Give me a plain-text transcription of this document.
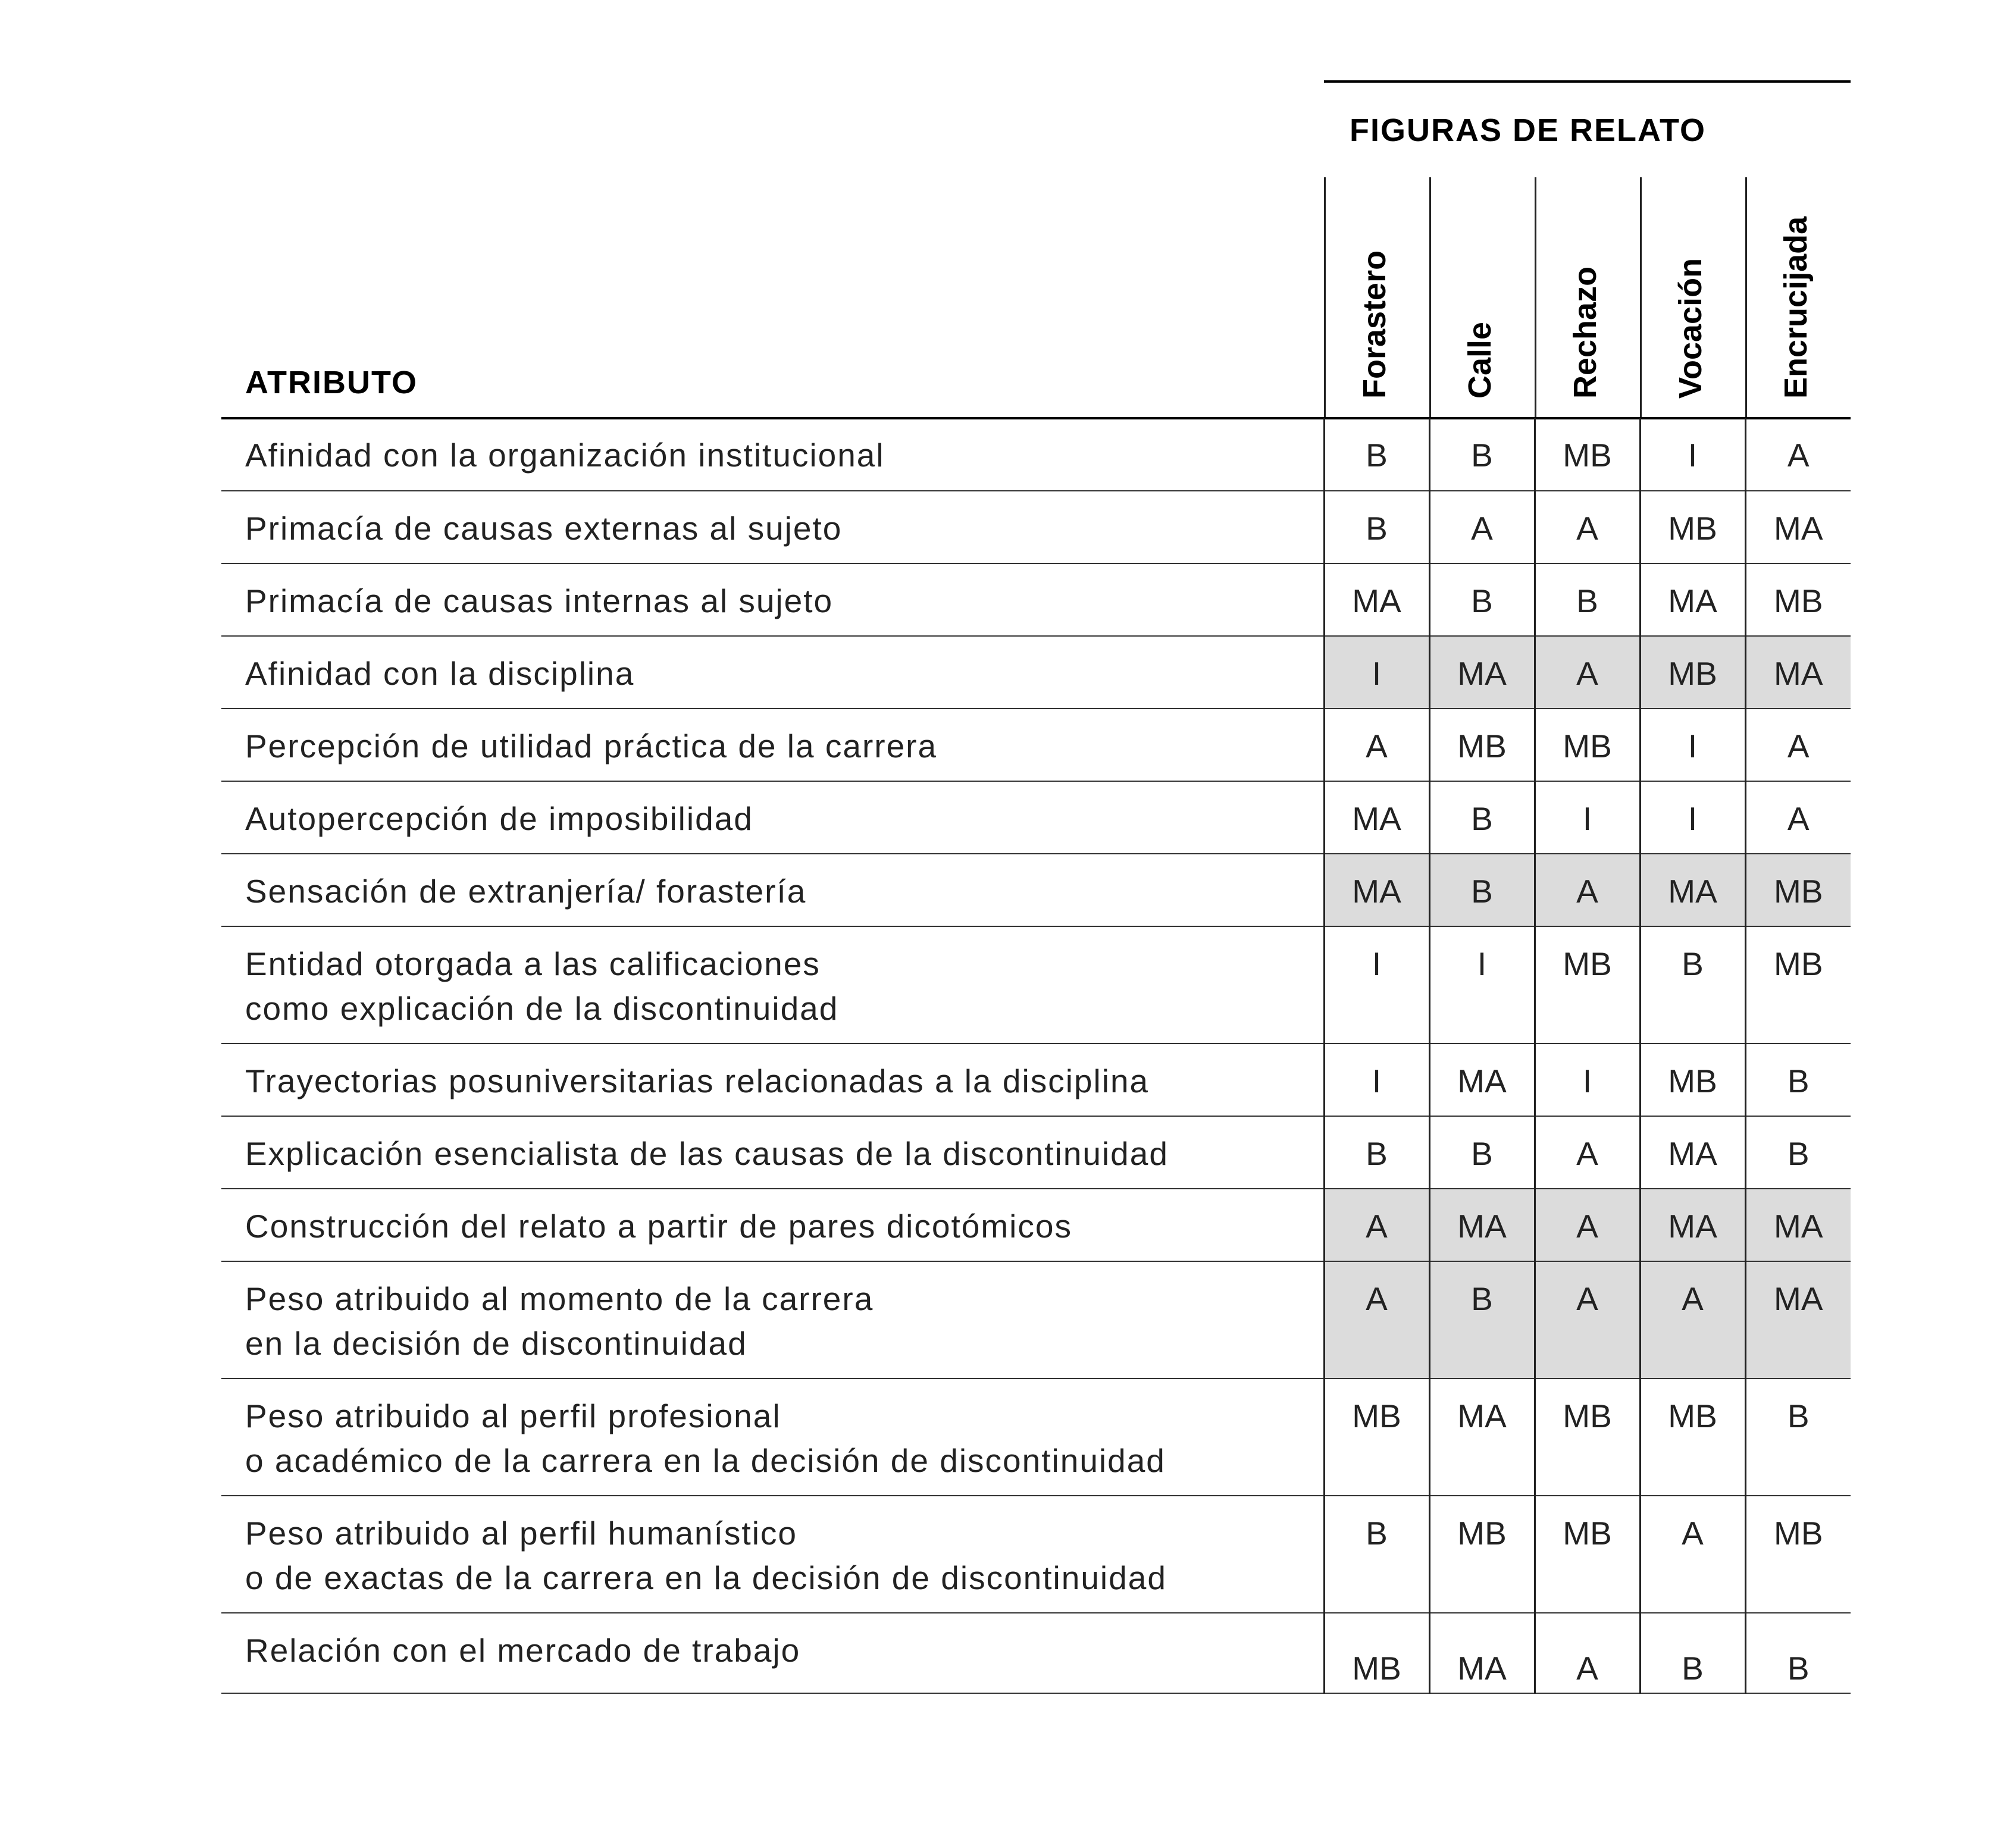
FIGURAS DE RELATO
Forastero Calle Rechazo Vocación Encrucijada
ATRIBUTO
Afinidad con la organización institucional	B	B	MB	I	A

Primacía de causas externas al sujeto	B	A	A	MB	MA

Primacía de causas internas al sujeto	MA	B	B	MA	MB

Afinidad con la disciplina	I	MA	A	MB	MA

Percepción de utilidad práctica de la carrera	A	MB	MB	I	A

Autopercepción de imposibilidad	MA	B	I	I	A

Sensación de extranjería/ forastería	MA	B	A	MA	MB

Entidad otorgada a las calificaciones
como explicación de la discontinuidad	I	I	MB	B	MB

Trayectorias posuniversitarias relacionadas a la disciplina	I	MA	I	MB	B

Explicación esencialista de las causas de la discontinuidad	B	B	A	MA	B

Construcción del relato a partir de pares dicotómicos	A	MA	A	MA	MA

Peso atribuido al momento de la carrera
en la decisión de discontinuidad	A	B	A	A	MA

Peso atribuido al perfil profesional
o académico de la carrera en la decisión de discontinuidad	MB	MA	MB	MB	B

Peso atribuido al perfil humanístico
o de exactas de la carrera en la decisión de discontinuidad	B	MB	MB	A	MB

Relación con el mercado de trabajo	MB	MA	A	B	B
